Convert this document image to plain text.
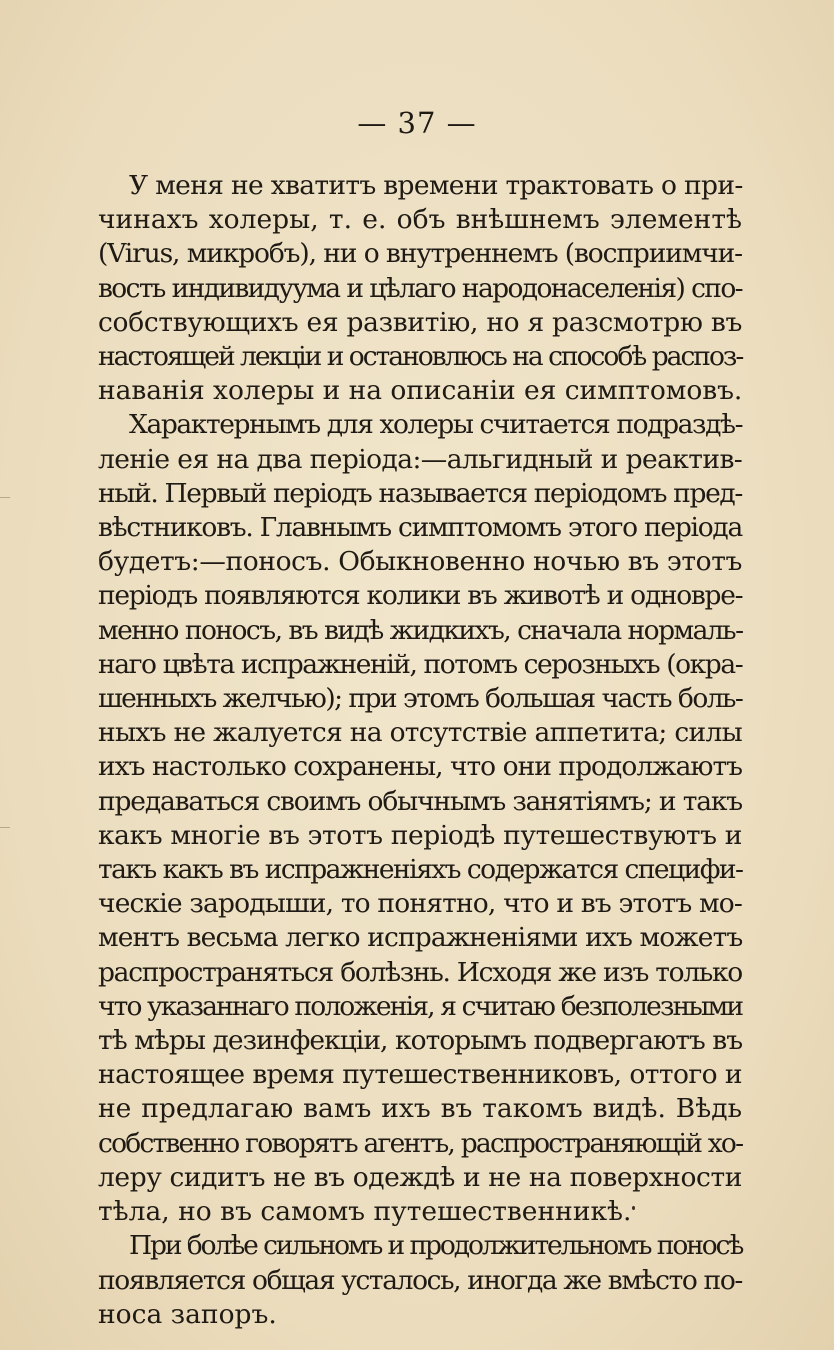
— 37 —

У меня не хватитъ времени трактовать о при-
чинахъ холеры, т. е. объ внѣшнемъ элементѣ
(Virus, микробъ), ни о внутреннемъ (восприимчи-
вость индивидуума и цѣлаго народонаселенія) спо-
собствующихъ ея развитію, но я разсмотрю въ
настоящей лекціи и остановлюсь на способѣ распоз-
наванія холеры и на описаніи ея симптомовъ.

Характернымъ для холеры считается подраздѣ-
леніе ея на два періода:—альгидный и реактив-
ный. Первый періодъ называется періодомъ пред-
вѣстниковъ. Главнымъ симптомомъ этого періода
будетъ:—поносъ. Обыкновенно ночью въ этотъ
періодъ появляются колики въ животѣ и одновре-
менно поносъ, въ видѣ жидкихъ, сначала нормаль-
наго цвѣта испражненій, потомъ серозныхъ (окра-
шенныхъ желчью); при этомъ большая часть боль-
ныхъ не жалуется на отсутствіе аппетита; силы
ихъ настолько сохранены, что они продолжаютъ
предаваться своимъ обычнымъ занятіямъ; и такъ
какъ многіе въ этотъ періодѣ путешествуютъ и
такъ какъ въ испражненіяхъ содержатся специфи-
ческіе зародыши, то понятно, что и въ этотъ мо-
ментъ весьма легко испражненіями ихъ можетъ
распространяться болѣзнь. Исходя же изъ только
что указаннаго положенія, я считаю безполезными
тѣ мѣры дезинфекціи, которымъ подвергаютъ въ
настоящее время путешественниковъ, оттого и
не предлагаю вамъ ихъ въ такомъ видѣ. Вѣдь
собственно говорятъ агентъ, распространяющій хо-
леру сидитъ не въ одеждѣ и не на поверхности
тѣла, но въ самомъ путешественникѣ.

При болѣе сильномъ и продолжительномъ поносѣ
появляется общая усталось, иногда же вмѣсто по-
носа запоръ.
